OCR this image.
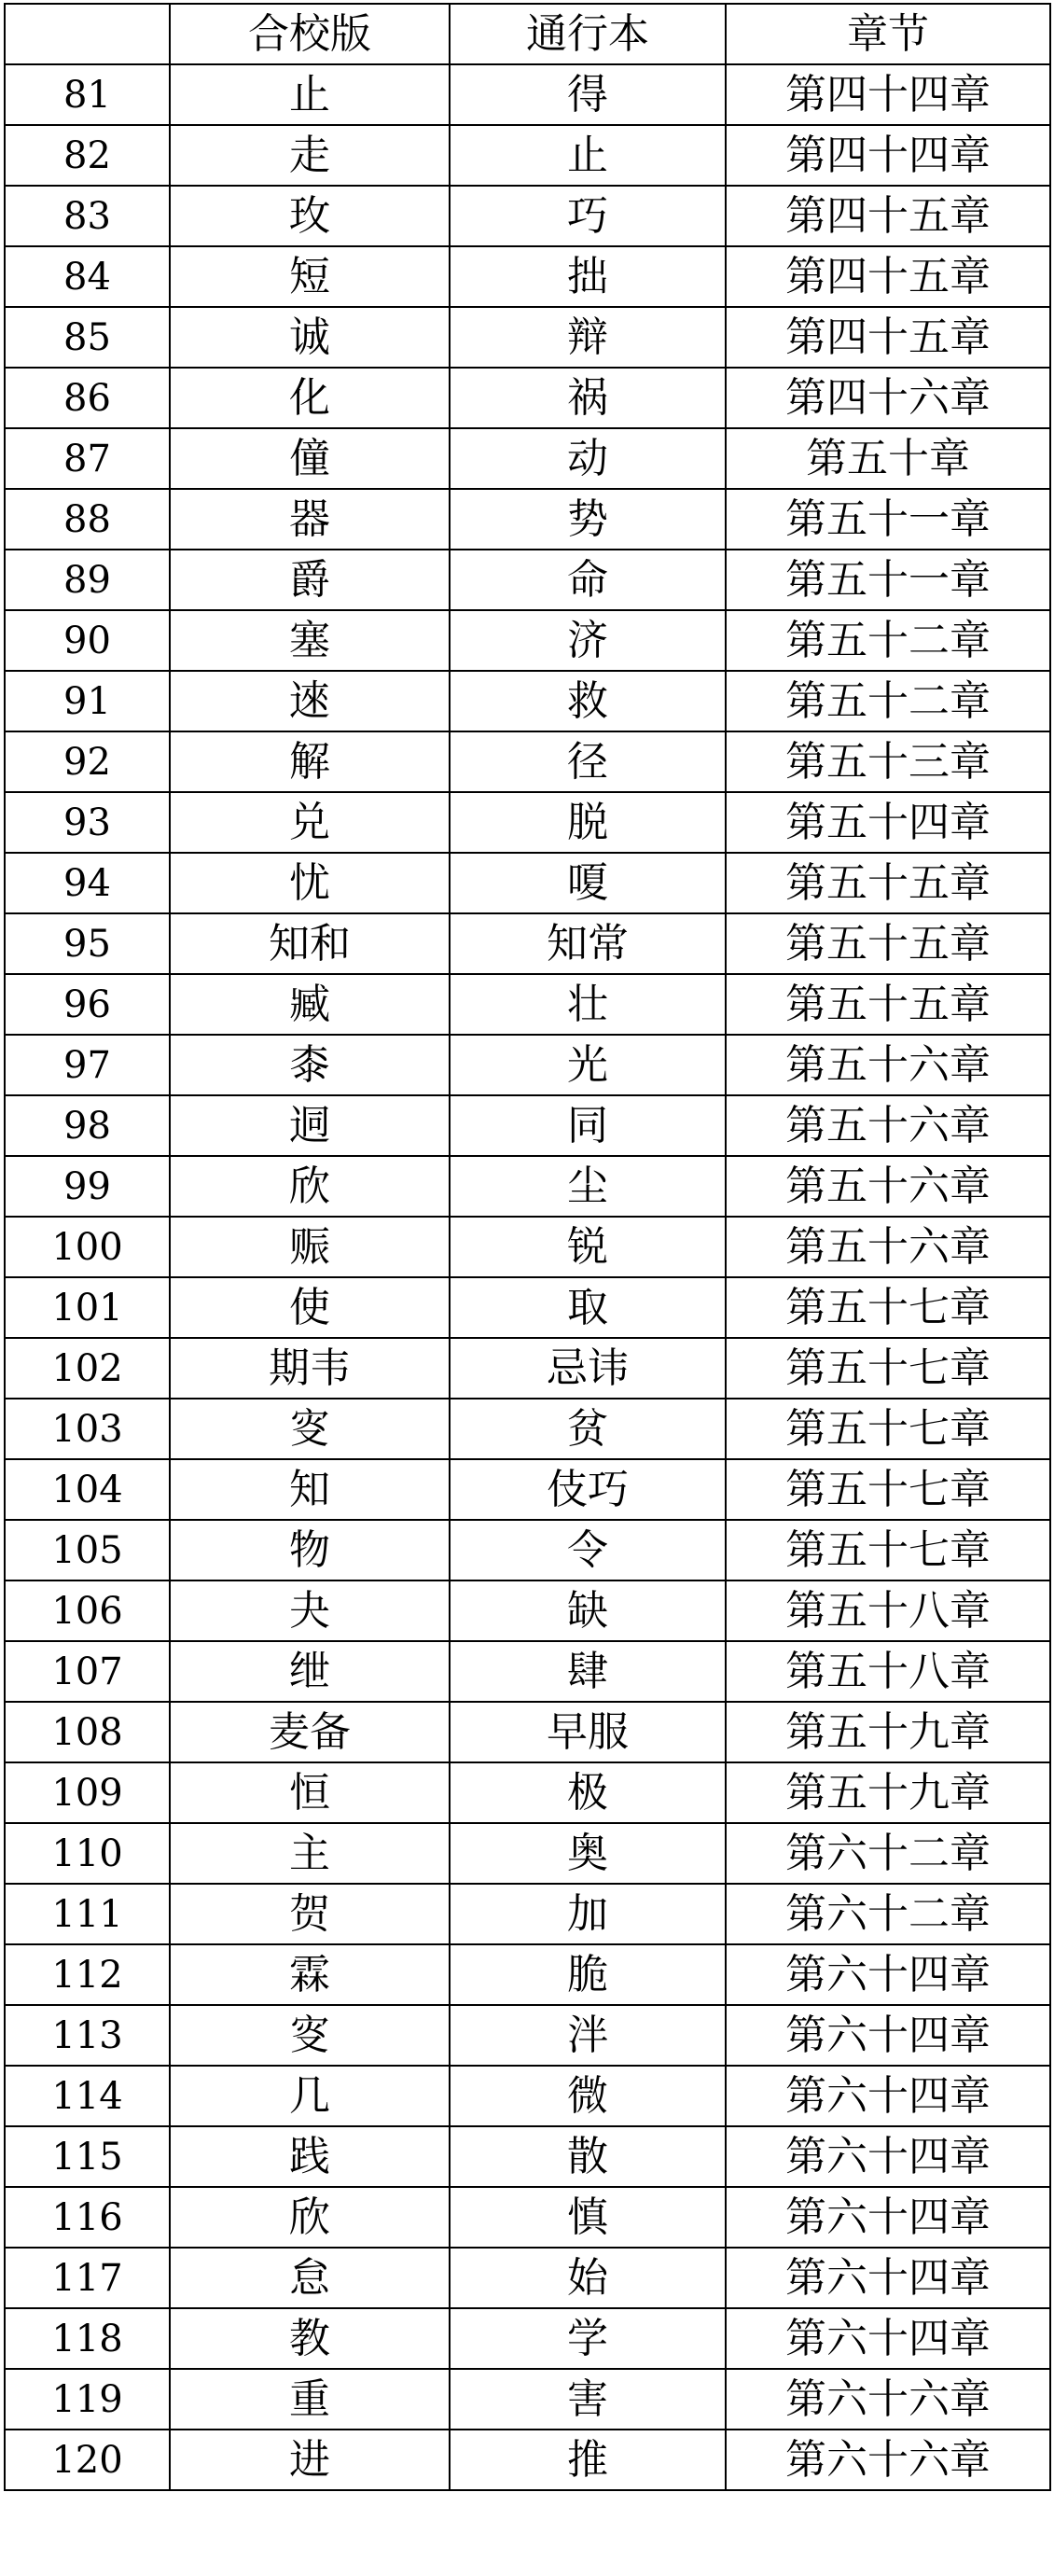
	合校版	通行本	章节
81	止	得	第四十四章
82	走	止	第四十四章
83	玫	巧	第四十五章
84	短	拙	第四十五章
85	诚	辩	第四十五章
86	化	祸	第四十六章
87	僮	动	第五十章
88	器	势	第五十一章
89	爵	命	第五十一章
90	塞	济	第五十二章
91	逨	救	第五十二章
92	解	径	第五十三章
93	兑	脱	第五十四章
94	忧	嗄	第五十五章
95	知和	知常	第五十五章
96	臧	壮	第五十五章
97	桼	光	第五十六章
98	迵	同	第五十六章
99	欣	尘	第五十六章
100	赈	锐	第五十六章
101	使	取	第五十七章
102	期韦	忌讳	第五十七章
103	叜	贫	第五十七章
104	知	伎巧	第五十七章
105	物	令	第五十七章
106	夬	缺	第五十八章
107	绁	肆	第五十八章
108	麦备	早服	第五十九章
109	恒	极	第五十九章
110	主	奥	第六十二章
111	贺	加	第六十二章
112	霖	脆	第六十四章
113	叜	泮	第六十四章
114	几	微	第六十四章
115	践	散	第六十四章
116	欣	慎	第六十四章
117	怠	始	第六十四章
118	教	学	第六十四章
119	重	害	第六十六章
120	进	推	第六十六章
